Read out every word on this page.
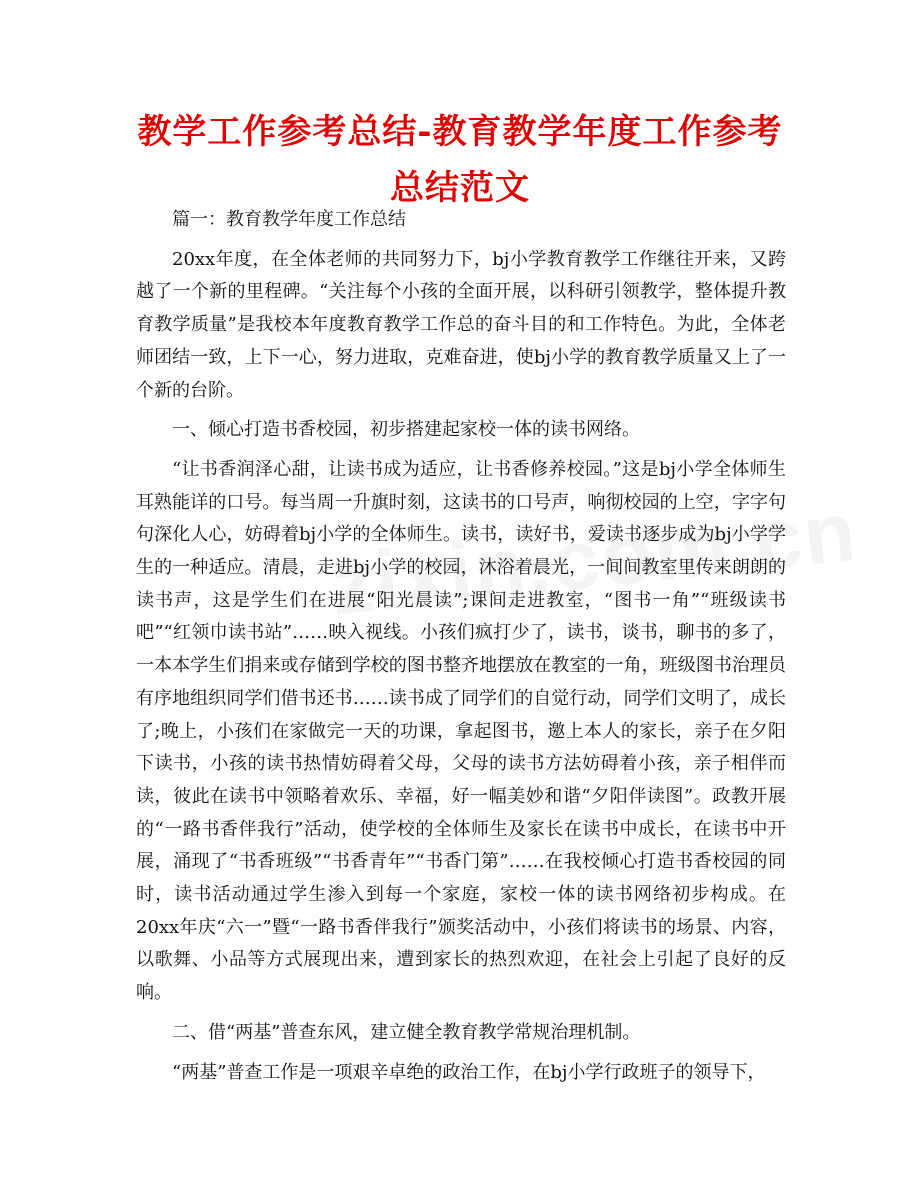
教学工作参考总结-教育教学年度工作参考总结范文

篇一：教育教学年度工作总结

20xx年度，在全体老师的共同努力下，bj小学教育教学工作继往开来，又跨越了一个新的里程碑。“关注每个小孩的全面开展，以科研引领教学，整体提升教育教学质量”是我校本年度教育教学工作总的奋斗目的和工作特色。为此，全体老师团结一致，上下一心，努力进取，克难奋进，使bj小学的教育教学质量又上了一个新的台阶。

一、倾心打造书香校园，初步搭建起家校一体的读书网络。

“让书香润泽心甜，让读书成为适应，让书香修养校园。”这是bj小学全体师生耳熟能详的口号。每当周一升旗时刻，这读书的口号声，响彻校园的上空，字字句句深化人心，妨碍着bj小学的全体师生。读书，读好书，爱读书逐步成为bj小学学生的一种适应。清晨，走进bj小学的校园，沐浴着晨光，一间间教室里传来朗朗的读书声，这是学生们在进展“阳光晨读”;课间走进教室，“图书一角”“班级读书吧”“红领巾读书站”……映入视线。小孩们疯打少了，读书，谈书，聊书的多了，一本本学生们捐来或存储到学校的图书整齐地摆放在教室的一角，班级图书治理员有序地组织同学们借书还书……读书成了同学们的自觉行动，同学们文明了，成长了;晚上，小孩们在家做完一天的功课，拿起图书，邀上本人的家长，亲子在夕阳下读书，小孩的读书热情妨碍着父母，父母的读书方法妨碍着小孩，亲子相伴而读，彼此在读书中领略着欢乐、幸福，好一幅美妙和谐“夕阳伴读图”。政教开展的“一路书香伴我行”活动，使学校的全体师生及家长在读书中成长，在读书中开展，涌现了“书香班级”“书香青年”“书香门第”……在我校倾心打造书香校园的同时，读书活动通过学生渗入到每一个家庭，家校一体的读书网络初步构成。在20xx年庆“六一”暨“一路书香伴我行”颁奖活动中，小孩们将读书的场景、内容，以歌舞、小品等方式展现出来，遭到家长的热烈欢迎，在社会上引起了良好的反响。

二、借“两基”普查东风，建立健全教育教学常规治理机制。

“两基”普查工作是一项艰辛卓绝的政治工作，在bj小学行政班子的领导下，
